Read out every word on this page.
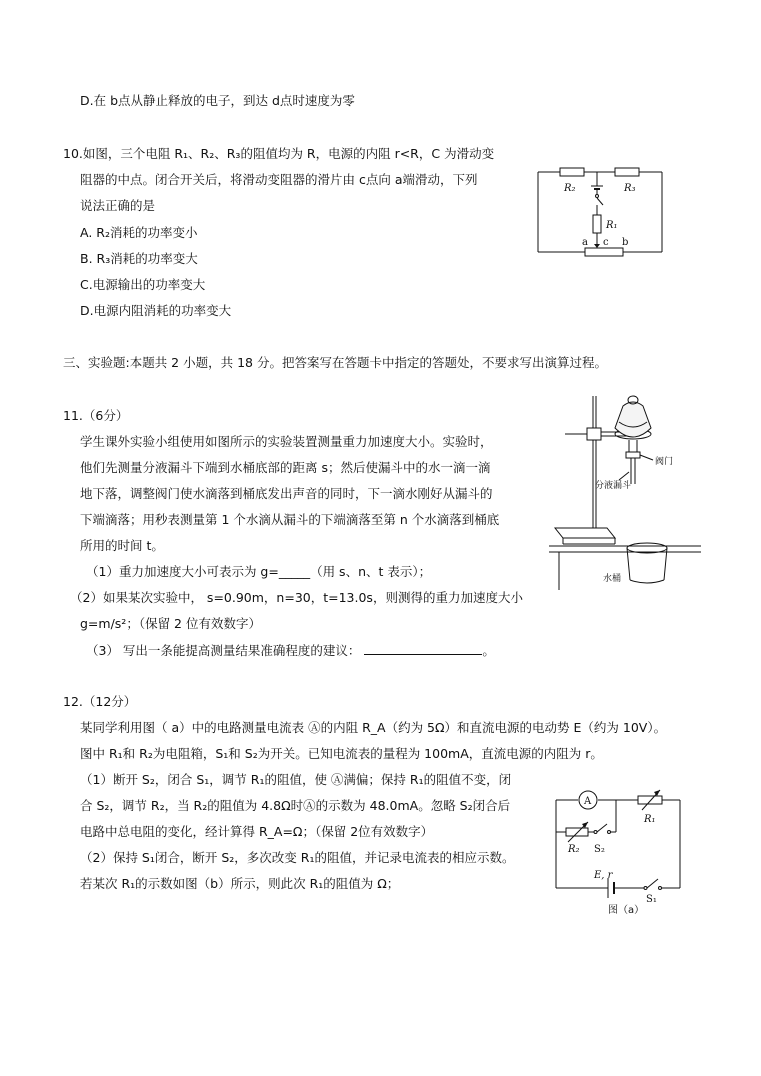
D.在 b点从静止释放的电子，到达 d点时速度为零
10.如图，三个电阻 R₁、R₂、R₃的阻值均为 R，电源的内阻 r<R，C 为滑动变
阻器的中点。闭合开关后，将滑动变阻器的滑片由 c点向 a端滑动，下列
说法正确的是
A. R₂消耗的功率变小
B. R₃消耗的功率变大
C.电源输出的功率变大
D.电源内阻消耗的功率变大
R₂	R₃
R₁
a c b
三、实验题:本题共 2 小题，共 18 分。把答案写在答题卡中指定的答题处，不要求写出演算过程。
11.（6分）
学生课外实验小组使用如图所示的实验装置测量重力加速度大小。实验时，
他们先测量分液漏斗下端到水桶底部的距离 s；然后使漏斗中的水一滴一滴
地下落，调整阀门使水滴落到桶底发出声音的同时，下一滴水刚好从漏斗的
下端滴落；用秒表测量第 1 个水滴从漏斗的下端滴落至第 n 个水滴落到桶底
所用的时间 t。
（1）重力加速度大小可表示为 g=_____（用 s、n、t 表示）；
（2）如果某次实验中， s=0.90m，n=30，t=13.0s，则测得的重力加速度大小
g=m/s²；（保留 2 位有效数字）
（3） 写出一条能提高测量结果准确程度的建议：	。
阀门
分液漏斗
水桶
12.（12分）
某同学利用图（ a）中的电路测量电流表 Ⓐ的内阻 R_A（约为 5Ω）和直流电源的电动势 E（约为 10V）。
图中 R₁和 R₂为电阻箱，S₁和 S₂为开关。已知电流表的量程为 100mA，直流电源的内阻为 r。
（1）断开 S₂，闭合 S₁，调节 R₁的阻值，使 Ⓐ满偏；保持 R₁的阻值不变，闭
合 S₂，调节 R₂，当 R₂的阻值为 4.8Ω时Ⓐ的示数为 48.0mA。忽略 S₂闭合后
电路中总电阻的变化，经计算得 R_A=Ω；（保留 2位有效数字）
（2）保持 S₁闭合，断开 S₂，多次改变 R₁的阻值，并记录电流表的相应示数。
若某次 R₁的示数如图（b）所示，则此次 R₁的阻值为 Ω；
A
R₁
R₂ S₂
E, r
S₁
图（a）
